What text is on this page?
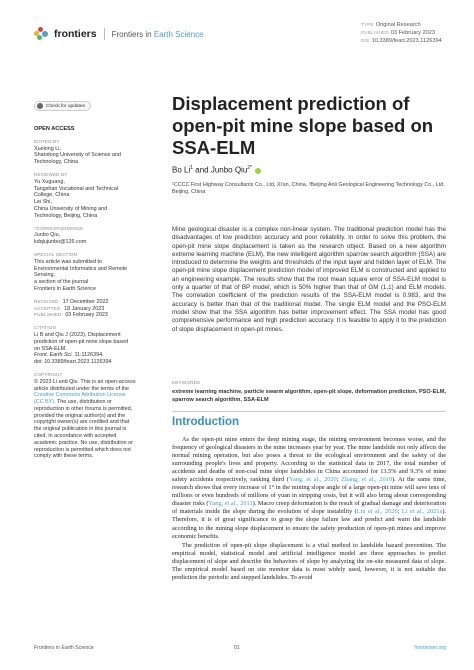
frontiers Frontiers in Earth Science
TYPE Original Research
PUBLISHED 03 February 2023
DOI 10.3389/feart.2023.1126394
Check for updates
OPEN ACCESS
EDITED BY
Xuelong Li,
Shandong University of Science and
Technology, China
REVIEWED BY
Yu Xuguang,
Tangshan Vocational and Technical
College, China
Lei Shi,
China University of Mining and
Technology, Beijing, China
*CORRESPONDENCE
Junbo Qiu,
kdqiujunbo@126.com
SPECIAL SECTION
This article was submitted to
Environmental Informatics and Remote
Sensing,
a section of the journal
Frontiers in Earth Science
RECEIVED 17 December 2022
ACCEPTED 18 January 2023
PUBLISHED 03 February 2023
CITATION
Li B and Qiu J (2023), Displacement
prediction of open-pit mine slope based
on SSA-ELM.
Front. Earth Sci. 11:1126394.
doi: 10.3389/feart.2023.1126394
COPYRIGHT
© 2023 Li and Qiu. This is an open-access
article distributed under the terms of the
Creative Commons Attribution License
(CC BY). The use, distribution or
reproduction in other forums is permitted,
provided the original author(s) and the
copyright owner(s) are credited and that
the original publication in this journal is
cited, in accordance with accepted
academic practice. No use, distribution or
reproduction is permitted which does not
comply with these terms.
Displacement prediction of open-pit mine slope based on SSA-ELM
Bo Li$^1$ and Junbo Qiu$^{2*}$
¹CCCC First Highway Consultants Co., Ltd, Xi'an, China, ²Beijing Anli Geological Engineering Technology Co., Ltd, Beijing, China
Mine geological disaster is a complex non-linear system. The traditional prediction model has the disadvantages of low prediction accuracy and poor reliability. In order to solve this problem, the open-pit mine slope displacement is taken as the research object. Based on a new algorithm extreme learning machine (ELM), the new intelligent algorithm sparrow search algorithm (SSA) are introduced to determine the weights and thresholds of the input layer and hidden layer of ELM. The open-pit mine slope displacement prediction model of improved ELM is constructed and applied to an engineering example. The results show that the root mean square error of SSA-ELM model is only a quarter of that of BP model, which is 50% higher than that of GM (1,1) and ELM models. The correlation coefficient of the prediction results of the SSA-ELM model is 0.983, and the accuracy is better than that of the traditional model. The single ELM model and the PSO-ELM model show that the SSA algorithm has better improvement effect. The SSA model has good comprehensive performance and high prediction accuracy. It is feasible to apply it to the prediction of slope displacement in open-pit mines.
KEYWORDS
extreme learning machine, particle swarm algorithm, open-pit slope, deformation prediction, PSO-ELM, sparrow search algorithm, SSA-ELM
Introduction

As the open-pit mine enters the deep mining stage, the mining environment becomes worse, and the frequency of geological disasters in the mine increases year by year. The mine landslide not only affects the normal mining operation, but also poses a threat to the ecological environment and the safety of the surrounding people's lives and property. According to the statistical data in 2017, the total number of accidents and deaths of non-coal mine slope landslides in China accounted for 13.5% and 9.3% of mine safety accidents respectively, ranking third (Yang, et al., 2020; Zhang, et al., 2010). At the same time, research shows that every increase of 1° in the mining slope angle of a large open-pit mine will save tens of millions or even hundreds of millions of yuan in stripping costs, but it will also bring about corresponding disaster risks (Yang, et al., 2011). Macro creep deformation is the result of gradual damage and deterioration of materials inside the slope during the evolution of slope instability (Liu et al., 2020; Li et al., 2021a). Therefore, it is of great significance to grasp the slope failure law and predict and warn the landslide according to the mining slope displacement to ensure the safety production of open-pit mines and improve economic benefits.

The prediction of open-pit slope displacement is a vital method to landslide hazard prevention. The empirical model, statistical model and artificial intelligence model are three approaches to predict displacement of slope and describe the behaviors of slope by analyzing the on-site measured data of slope. The empirical model based on site monitor data is most widely used, however, it is not suitable the prediction the periodic and stepped landslides. To avoid

Frontiers in Earth Science	01	frontiersin.org
